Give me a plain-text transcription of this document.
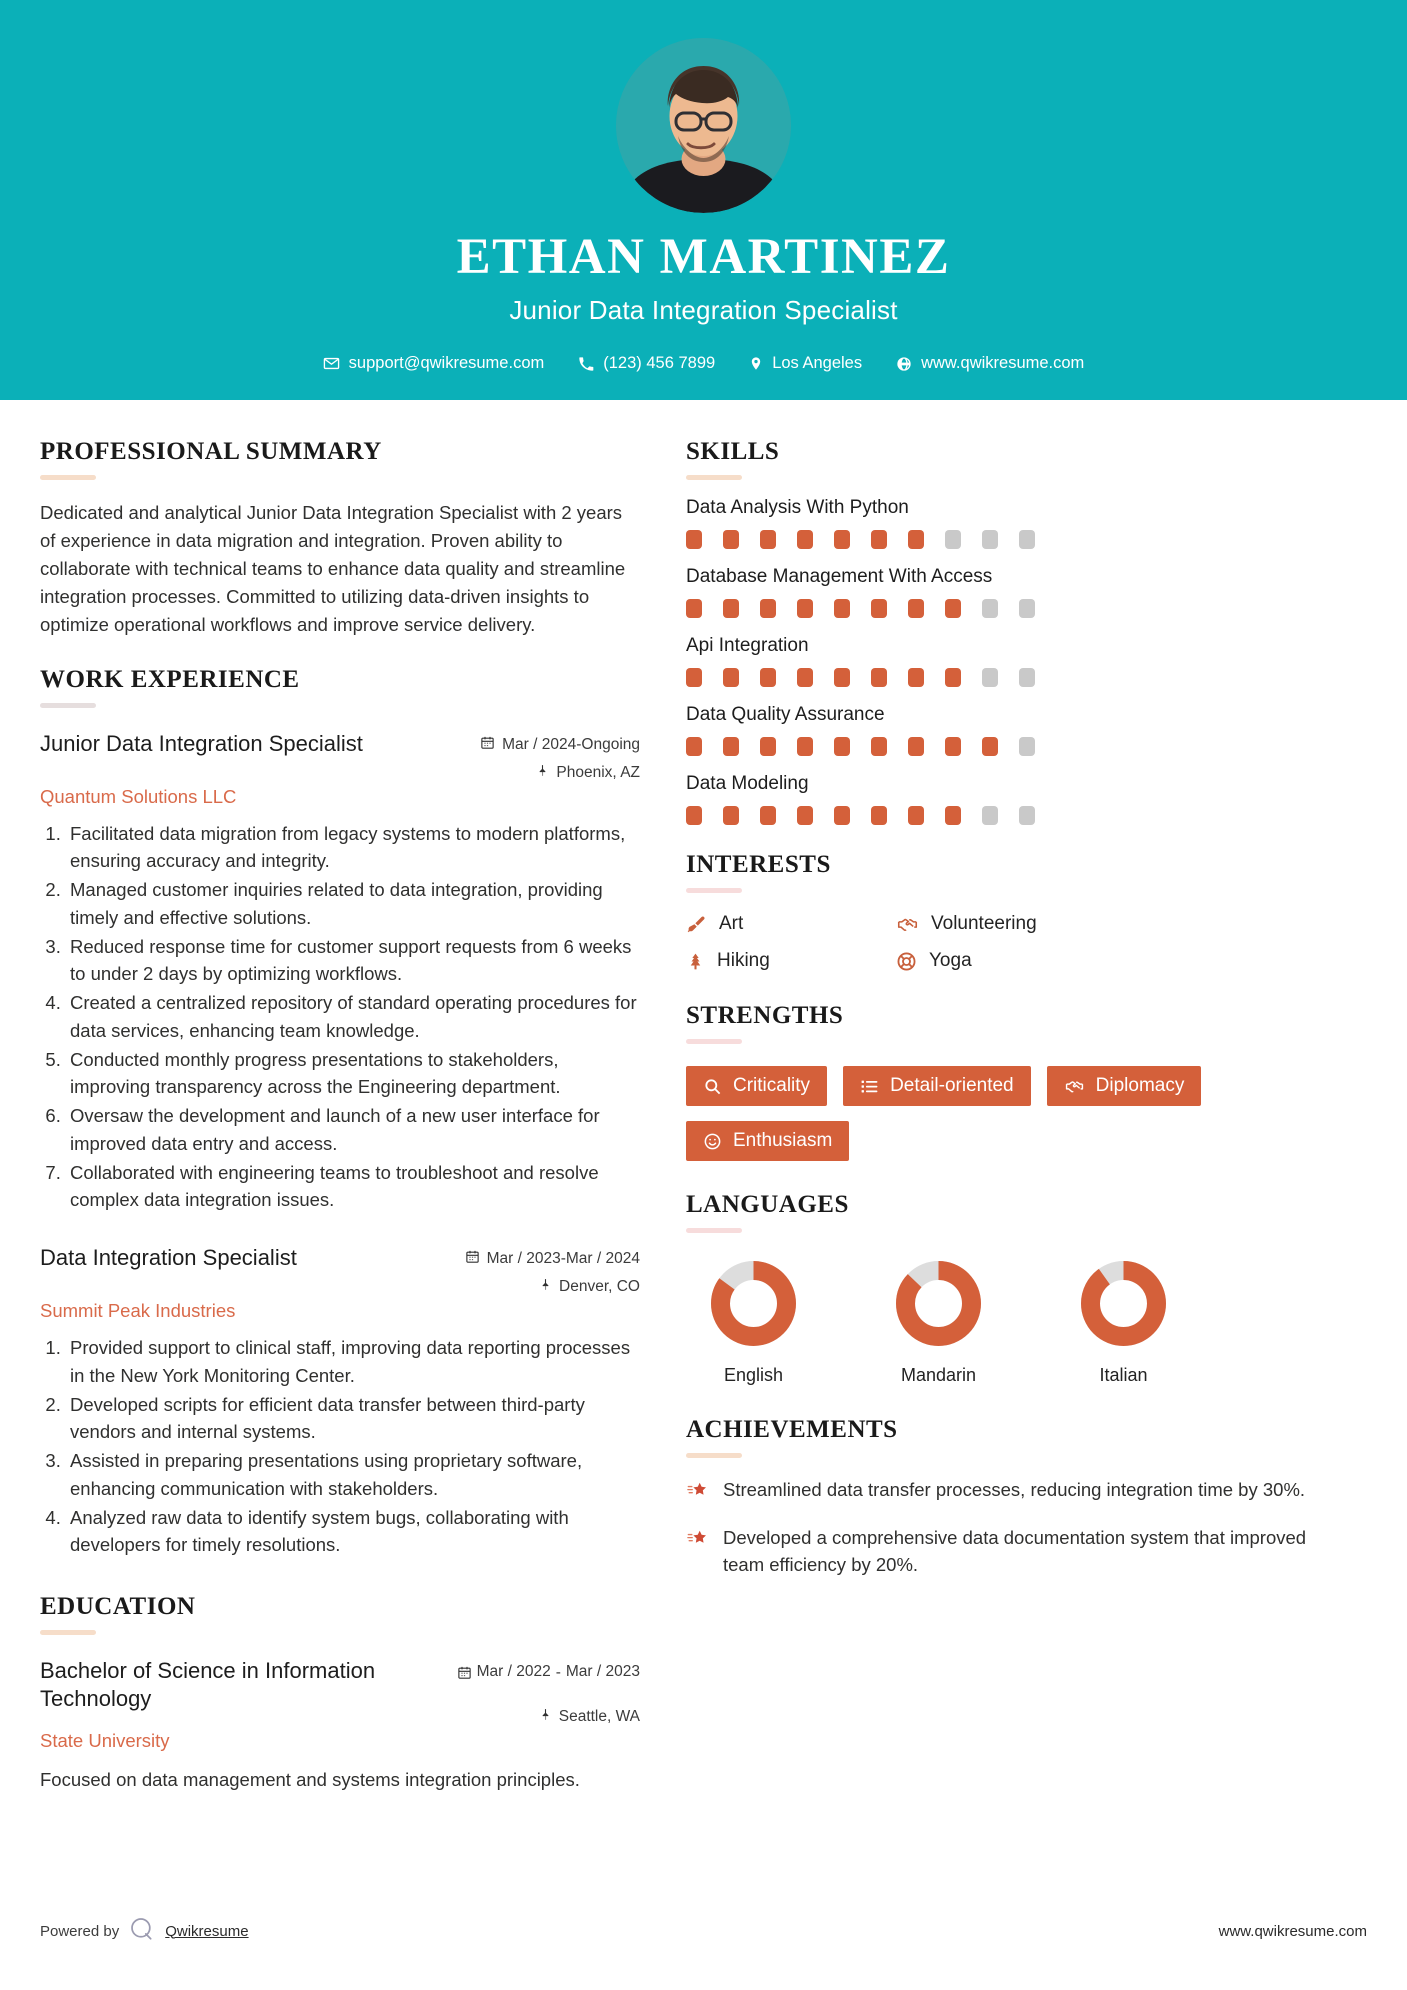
ETHAN MARTINEZ
Junior Data Integration Specialist
support@qwikresume.com	(123) 456 7899	Los Angeles	www.qwikresume.com
PROFESSIONAL SUMMARY

Dedicated and analytical Junior Data Integration Specialist with 2 years of experience in data migration and integration. Proven ability to collaborate with technical teams to enhance data quality and streamline integration processes. Committed to utilizing data-driven insights to optimize operational workflows and improve service delivery.

WORK EXPERIENCE
Junior Data Integration Specialist	Mar / 2024-Ongoing
Phoenix, AZ
Quantum Solutions LLC
1. Facilitated data migration from legacy systems to modern platforms, ensuring accuracy and integrity.
2. Managed customer inquiries related to data integration, providing timely and effective solutions.
3. Reduced response time for customer support requests from 6 weeks to under 2 days by optimizing workflows.
4. Created a centralized repository of standard operating procedures for data services, enhancing team knowledge.
5. Conducted monthly progress presentations to stakeholders, improving transparency across the Engineering department.
6. Oversaw the development and launch of a new user interface for improved data entry and access.
7. Collaborated with engineering teams to troubleshoot and resolve complex data integration issues.
Data Integration Specialist	Mar / 2023-Mar / 2024
Denver, CO
Summit Peak Industries
1. Provided support to clinical staff, improving data reporting processes in the New York Monitoring Center.
2. Developed scripts for efficient data transfer between third-party vendors and internal systems.
3. Assisted in preparing presentations using proprietary software, enhancing communication with stakeholders.
4. Analyzed raw data to identify system bugs, collaborating with developers for timely resolutions.
EDUCATION
Bachelor of Science in Information Technology
Mar / 2022 - Mar / 2023
Seattle, WA
State University
Focused on data management and systems integration principles.
SKILLS
Data Analysis With Python
Database Management With Access
Api Integration
Data Quality Assurance
Data Modeling
INTERESTS
Art	Volunteering
Hiking	Yoga
STRENGTHS
Criticality	Detail-oriented	Diplomacy
Enthusiasm
LANGUAGES
English	Mandarin	Italian
ACHIEVEMENTS
Streamlined data transfer processes, reducing integration time by 30%.
Developed a comprehensive data documentation system that improved team efficiency by 20%.
Powered by	Qwikresume	www.qwikresume.com
